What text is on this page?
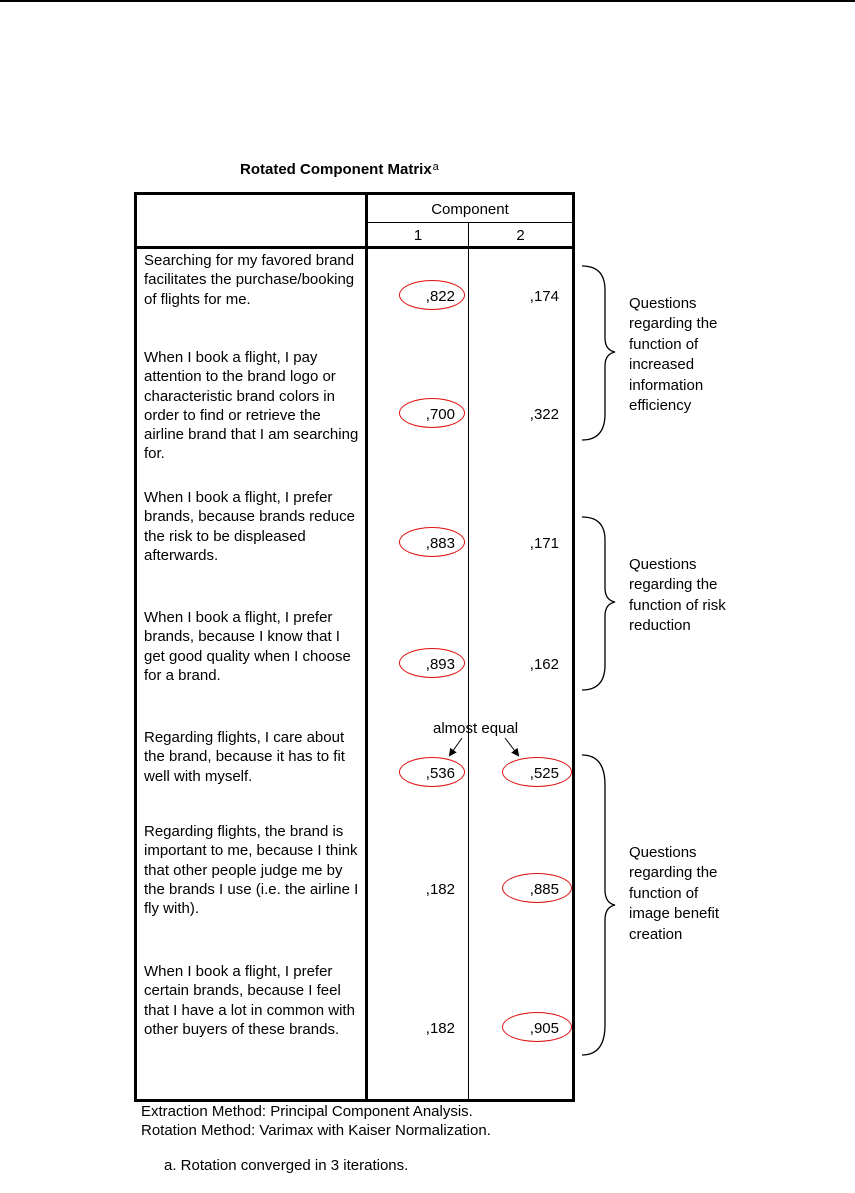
Rotated Component Matrix$^a$
Component
1	2
Searching for my favored brand facilitates the purchase/booking of flights for me.
When I book a flight, I pay attention to the brand logo or characteristic brand colors in order to find or retrieve the airline brand that I am searching for.
When I book a flight, I prefer brands, because brands reduce the risk to be displeased afterwards.
When I book a flight, I prefer brands, because I know that I get good quality when I choose for a brand.
Regarding flights, I care about the brand, because it has to fit well with myself.
Regarding flights, the brand is important to me, because I think that other people judge me by the brands I use (i.e. the airline I fly with).
When I book a flight, I prefer certain brands, because I feel that I have a lot in common with other buyers of these brands.
,822
,700
,883
,893
,536
,182
,182
,174
,322
,171
,162
,525
,885
,905
Extraction Method: Principal Component Analysis.
Rotation Method: Varimax with Kaiser Normalization.
a. Rotation converged in 3 iterations.
almost equal
Questions regarding the function of increased information efficiency
Questions regarding the function of risk reduction
Questions regarding the function of image benefit creation
